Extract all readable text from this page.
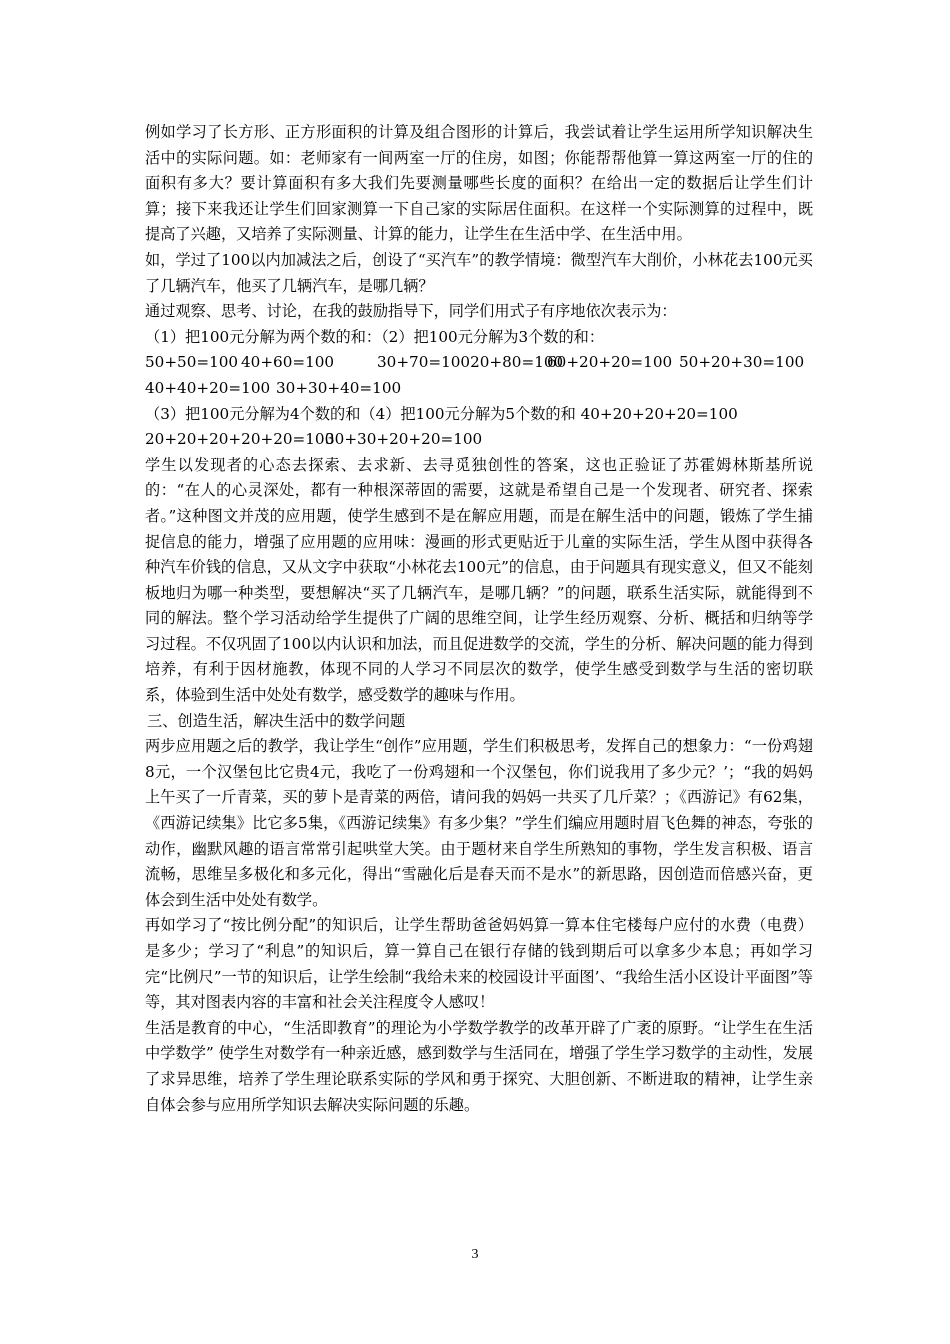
例如学习了长方形、正方形面积的计算及组合图形的计算后，我尝试着让学生运用所学知识解决生活中的实际问题。如：老师家有一间两室一厅的住房，如图；你能帮帮他算一算这两室一厅的住的面积有多大？要计算面积有多大我们先要测量哪些长度的面积？在给出一定的数据后让学生们计算；接下来我还让学生们回家测算一下自己家的实际居住面积。在这样一个实际测算的过程中，既提高了兴趣，又培养了实际测量、计算的能力，让学生在生活中学、在生活中用。

如，学过了100以内加减法之后，创设了“买汽车”的教学情境：微型汽车大削价，小林花去100元买了几辆汽车，他买了几辆汽车，是哪几辆？

通过观察、思考、讨论，在我的鼓励指导下，同学们用式子有序地依次表示为：

（1）把100元分解为两个数的和：（2）把100元分解为3个数的和：

50+50=100 40+60=100	30+70=10020+80=10060+20+20=100 50+20+30=100
40+40+20=100 30+30+40=100

（3）把100元分解为4个数的和（4）把100元分解为5个数的和 40+20+20+20=100

20+20+20+20+20=10030+30+20+20=100

学生以发现者的心态去探索、去求新、去寻觅独创性的答案，这也正验证了苏霍姆林斯基所说的：“在人的心灵深处，都有一种根深蒂固的需要，这就是希望自己是一个发现者、研究者、探索者。”这种图文并茂的应用题，使学生感到不是在解应用题，而是在解生活中的问题，锻炼了学生捕捉信息的能力，增强了应用题的应用味：漫画的形式更贴近于儿童的实际生活，学生从图中获得各种汽车价钱的信息，又从文字中获取“小林花去100元”的信息，由于问题具有现实意义，但又不能刻板地归为哪一种类型，要想解决“买了几辆汽车，是哪几辆？”的问题，联系生活实际，就能得到不同的解法。整个学习活动给学生提供了广阔的思维空间，让学生经历观察、分析、概括和归纳等学习过程。不仅巩固了100以内认识和加法，而且促进数学的交流，学生的分析、解决问题的能力得到培养，有利于因材施教，体现不同的人学习不同层次的数学，使学生感受到数学与生活的密切联系，体验到生活中处处有数学，感受数学的趣味与作用。

三、创造生活，解决生活中的数学问题

两步应用题之后的教学，我让学生“创作”应用题，学生们积极思考，发挥自己的想象力：“一份鸡翅8元，一个汉堡包比它贵4元，我吃了一份鸡翅和一个汉堡包，你们说我用了多少元？’；“我的妈妈上午买了一斤青菜，买的萝卜是青菜的两倍，请问我的妈妈一共买了几斤菜？；《西游记》有62集，《西游记续集》比它多5集，《西游记续集》有多少集？”学生们编应用题时眉飞色舞的神态，夸张的动作，幽默风趣的语言常常引起哄堂大笑。由于题材来自学生所熟知的事物，学生发言积极、语言流畅，思维呈多极化和多元化，得出“雪融化后是春天而不是水”的新思路，因创造而倍感兴奋，更体会到生活中处处有数学。

再如学习了“按比例分配”的知识后，让学生帮助爸爸妈妈算一算本住宅楼每户应付的水费（电费）是多少；学习了“利息”的知识后，算一算自己在银行存储的钱到期后可以拿多少本息；再如学习完“比例尺”一节的知识后，让学生绘制“我给未来的校园设计平面图’、“我给生活小区设计平面图”等等，其对图表内容的丰富和社会关注程度令人感叹！

生活是教育的中心，“生活即教育”的理论为小学数学教学的改革开辟了广袤的原野。“让学生在生活中学数学” 使学生对数学有一种亲近感，感到数学与生活同在，增强了学生学习数学的主动性，发展了求异思维，培养了学生理论联系实际的学风和勇于探究、大胆创新、不断进取的精神，让学生亲自体会参与应用所学知识去解决实际问题的乐趣。

3
